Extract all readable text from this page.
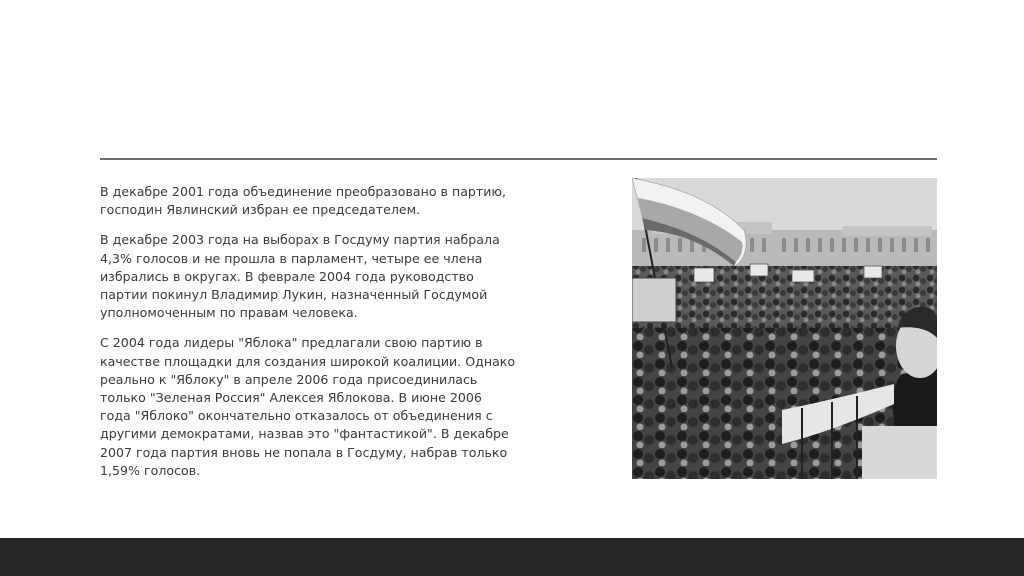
В декабре 2001 года объединение преобразовано в партию,
господин Явлинский избран ее председателем.

В декабре 2003 года на выборах в Госдуму партия набрала
4,3% голосов и не прошла в парламент, четыре ее члена
избрались в округах. В феврале 2004 года руководство
партии покинул Владимир Лукин, назначенный Госдумой
уполномоченным по правам человека.

С 2004 года лидеры "Яблока" предлагали свою партию в
качестве площадки для создания широкой коалиции. Однако
реально к "Яблоку" в апреле 2006 года присоединилась
только "Зеленая Россия" Алексея Яблокова. В июне 2006
года "Яблоко" окончательно отказалось от объединения с
другими демократами, назвав это "фантастикой". В декабре
2007 года партия вновь не попала в Госдуму, набрав только
1,59% голосов.
